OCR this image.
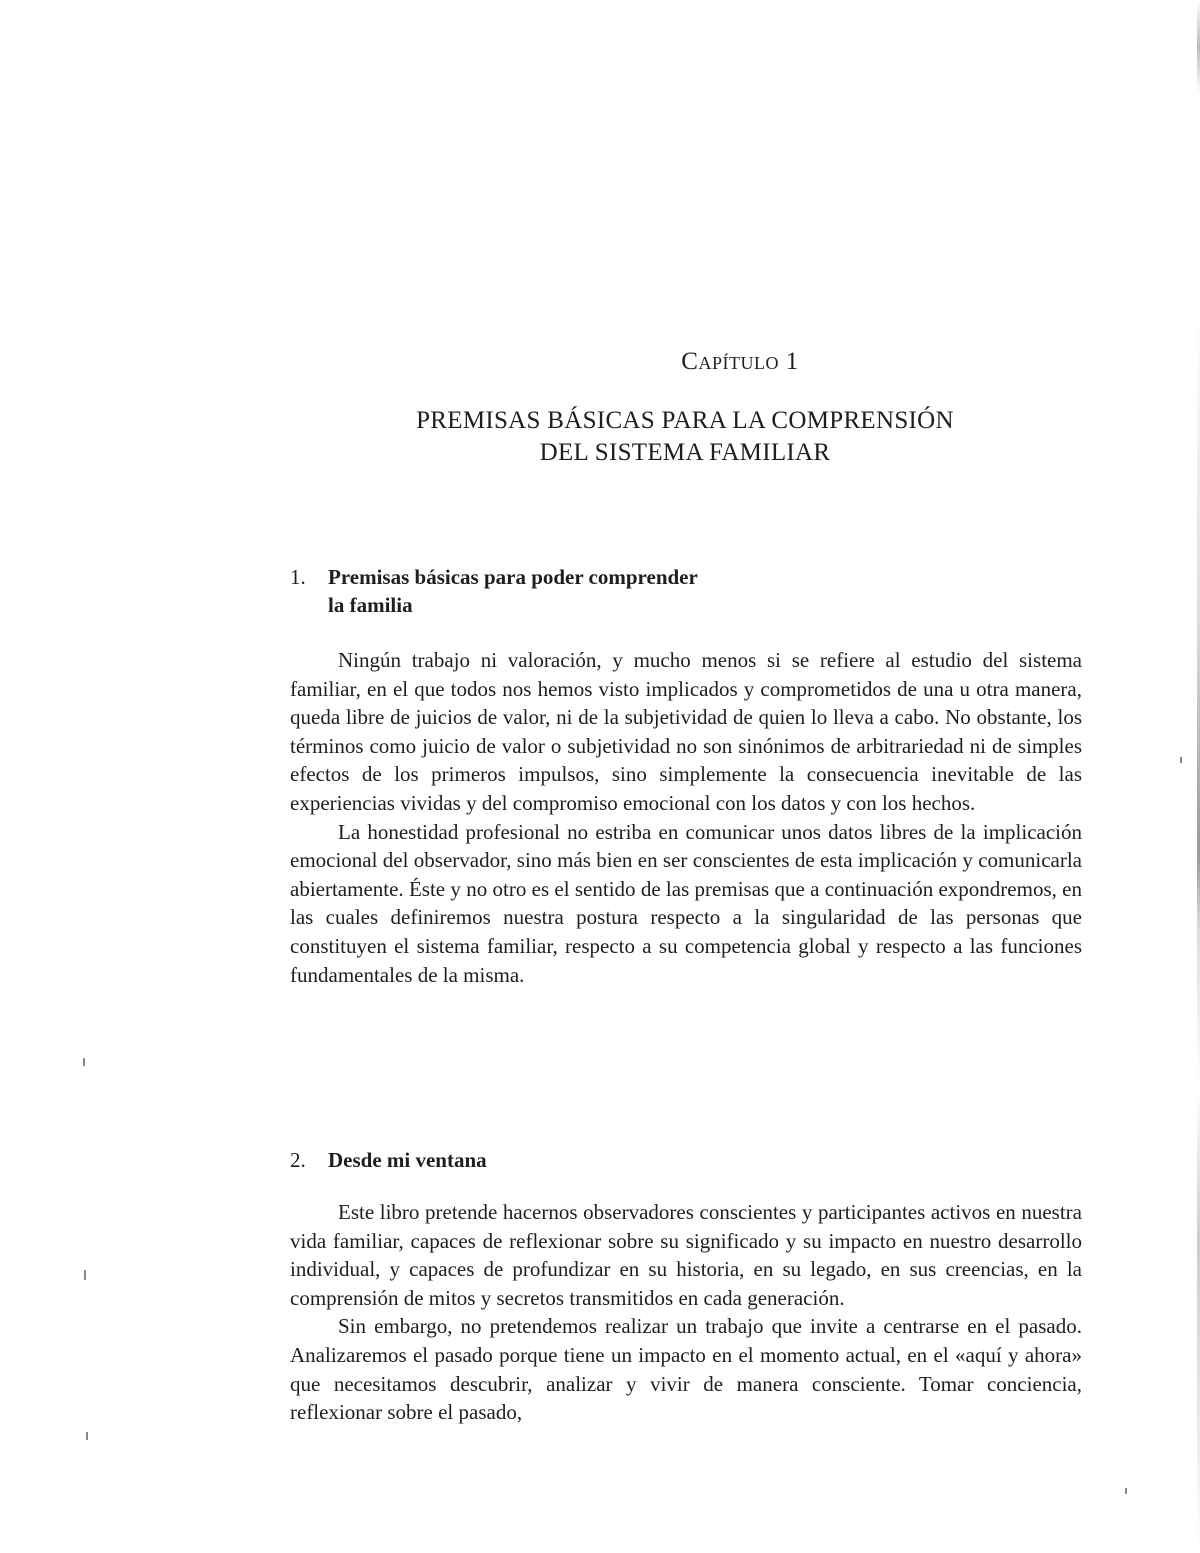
Capítulo 1
PREMISAS BÁSICAS PARA LA COMPRENSIÓN
DEL SISTEMA FAMILIAR
1.	Premisas básicas para poder comprender
la familia

Ningún trabajo ni valoración, y mucho menos si se refiere al estudio del sistema familiar, en el que todos nos hemos visto implicados y comprometidos de una u otra manera, queda libre de juicios de valor, ni de la subjetividad de quien lo lleva a cabo. No obstante, los términos como juicio de valor o subjetividad no son sinónimos de arbitrariedad ni de simples efectos de los primeros impulsos, sino simplemente la consecuencia inevitable de las experiencias vividas y del compromiso emocional con los datos y con los hechos.

La honestidad profesional no estriba en comunicar unos datos libres de la implicación emocional del observador, sino más bien en ser conscientes de esta implicación y comunicarla abiertamente. Éste y no otro es el sentido de las premisas que a continuación expondremos, en las cuales definiremos nuestra postura respecto a la singularidad de las personas que constituyen el sistema familiar, respecto a su competencia global y respecto a las funciones fundamentales de la misma.

2.	Desde mi ventana

Este libro pretende hacernos observadores conscientes y participantes activos en nuestra vida familiar, capaces de reflexionar sobre su significado y su impacto en nuestro desarrollo individual, y capaces de profundizar en su historia, en su legado, en sus creencias, en la comprensión de mitos y secretos transmitidos en cada generación.

Sin embargo, no pretendemos realizar un trabajo que invite a centrarse en el pasado. Analizaremos el pasado porque tiene un impacto en el momento actual, en el «aquí y ahora» que necesitamos descubrir, analizar y vivir de manera consciente. Tomar conciencia, reflexionar sobre el pasado,
